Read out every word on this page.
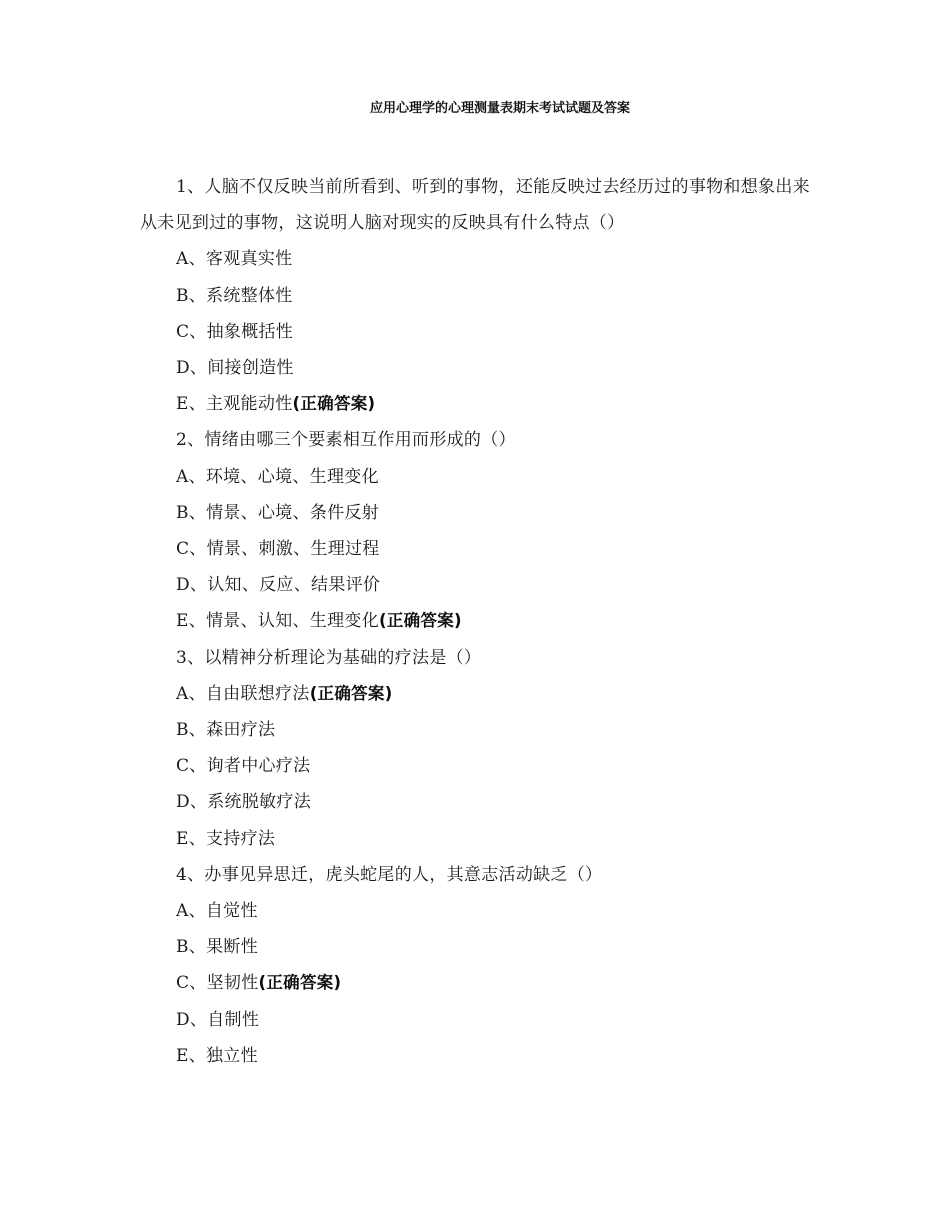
应用心理学的心理测量表期末考试试题及答案

1、人脑不仅反映当前所看到、听到的事物，还能反映过去经历过的事物和想象出来从未见到过的事物，这说明人脑对现实的反映具有什么特点（）

A、客观真实性
B、系统整体性
C、抽象概括性
D、间接创造性
E、主观能动性(正确答案)

2、情绪由哪三个要素相互作用而形成的（）

A、环境、心境、生理变化
B、情景、心境、条件反射
C、情景、刺激、生理过程
D、认知、反应、结果评价
E、情景、认知、生理变化(正确答案)

3、以精神分析理论为基础的疗法是（）

A、自由联想疗法(正确答案)
B、森田疗法
C、询者中心疗法
D、系统脱敏疗法
E、支持疗法

4、办事见异思迁，虎头蛇尾的人，其意志活动缺乏（）

A、自觉性
B、果断性
C、坚韧性(正确答案)
D、自制性
E、独立性
